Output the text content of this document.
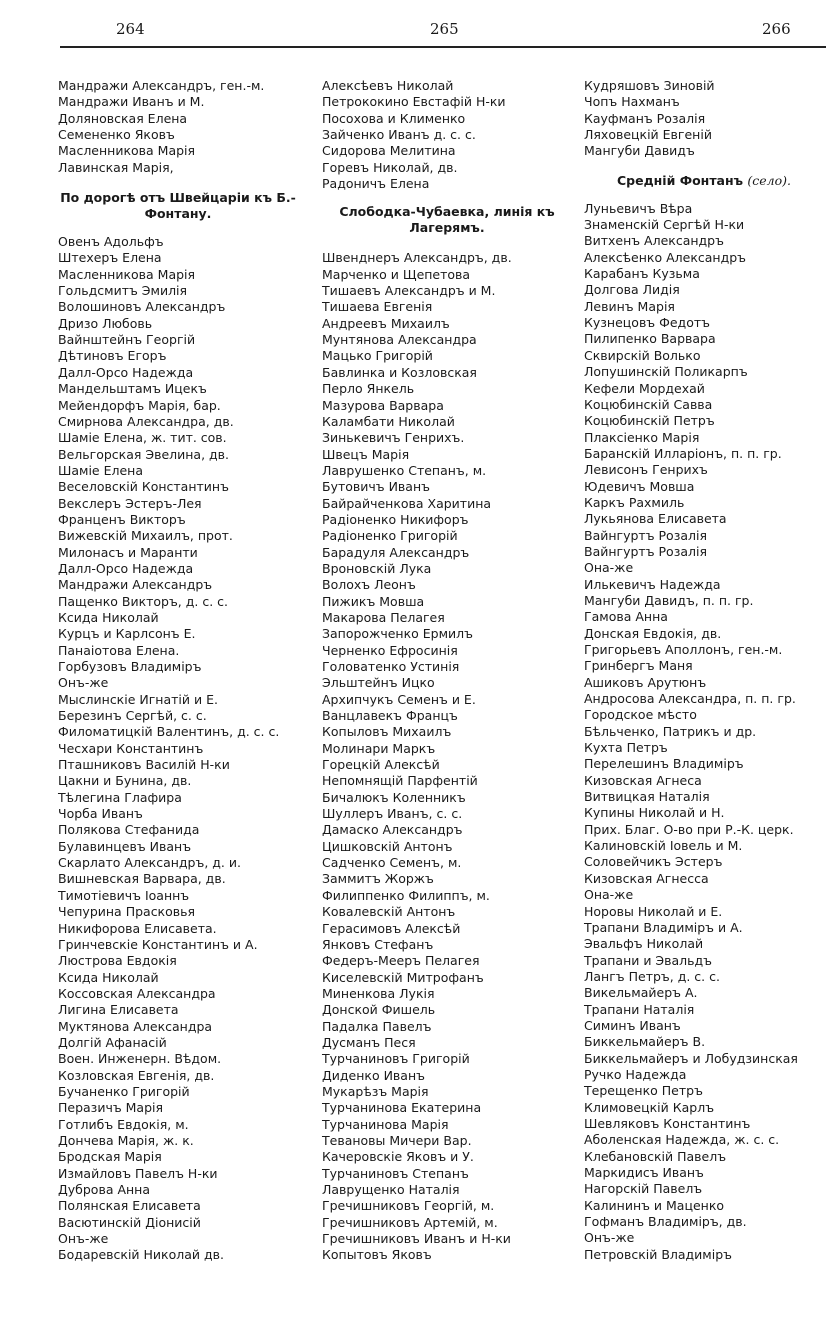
264	265	266
Мандражи Александръ, ген.-м.
Мандражи Иванъ и М.
Доляновская Елена
Семененко Яковъ
Масленникова Марія
Лавинская Марія,
По дорогѣ отъ Швейцаріи къ Б.-Фонтану.
Овенъ Адольфъ
Штехеръ Елена
Масленникова Марія
Гольдсмитъ Эмилія
Волошиновъ Александръ
Дризо Любовь
Вайнштейнъ Георгій
Дѣтиновъ Егоръ
Далл-Орсо Надежда
Мандельштамъ Ицекъ
Мейендорфъ Марія, бар.
Смирнова Александра, дв.
Шаміе Елена, ж. тит. сов.
Вельгорская Эвелина, дв.
Шаміе Елена
Веселовскій Константинъ
Векслеръ Эстеръ-Лея
Франценъ Викторъ
Вижевскій Михаилъ, прот.
Милонасъ и Маранти
Далл-Орсо Надежда
Мандражи Александръ
Пащенко Викторъ, д. с. с.
Ксида Николай
Курцъ и Карлсонъ Е.
Панаіотова Елена.
Горбузовъ Владиміръ
Онъ-же
Мыслинскіе Игнатій и Е.
Березинъ Сергѣй, с. с.
Филоматицкій Валентинъ, д. с. с.
Чесхари Константинъ
Пташниковъ Василій Н-ки
Цакни и Бунина, дв.
Тѣлегина Глафира
Чорба Иванъ
Полякова Стефанида
Булавинцевъ Иванъ
Скарлато Александръ, д. и.
Вишневская Варвара, дв.
Тимотіевичъ Іоаннъ
Чепурина Прасковья
Никифорова Елисавета.
Гринчевскіе Константинъ и А.
Люстрова Евдокія
Ксида Николай
Коссовская Александра
Лигина Елисавета
Муктянова Александра
Долгій Афанасій
Воен. Инженерн. Вѣдом.
Козловская Евгенія, дв.
Бучаненко Григорій
Перазичъ Марія
Готлибъ Евдокія, м.
Дончева Марія, ж. к.
Бродская Марія
Измайловъ Павелъ Н-ки
Дуброва Анна
Полянская Елисавета
Васютинскій Діонисій
Онъ-же
Бодаревскій Николай дв.
Алексѣевъ Николай
Петрококино Евстафій Н-ки
Посохова и Клименко
Зайченко Иванъ д. с. с.
Сидорова Мелитина
Горевъ Николай, дв.
Радоничъ Елена
Слободка-Чубаевка, линія къ Лагерямъ.
Швенднеръ Александръ, дв.
Марченко и Щепетова
Тишаевъ Александръ и М.
Тишаева Евгенія
Андреевъ Михаилъ
Мунтянова Александра
Мацько Григорій
Бавлинка и Козловская
Перло Янкель
Мазурова Варвара
Каламбати Николай
Зинькевичъ Генрихъ.
Швецъ Марія
Лаврушенко Степанъ, м.
Бутовичъ Иванъ
Байрайченкова Харитина
Радіоненко Никифоръ
Радіоненко Григорій
Барадуля Александръ
Вроновскій Лука
Волохъ Леонъ
Пижикъ Мовша
Макарова Пелагея
Запорожченко Ермилъ
Черненко Ефросинія
Головатенко Устинія
Эльштейнъ Ицко
Архипчукъ Семенъ и Е.
Ванцлавекъ Францъ
Копыловъ Михаилъ
Молинари Маркъ
Горецкій Алексѣй
Непомнящій Парфентій
Бичалюкъ Коленникъ
Шуллеръ Иванъ, с. с.
Дамаско Александръ
Цишковскій Антонъ
Садченко Семенъ, м.
Заммитъ Жоржъ
Филиппенко Филиппъ, м.
Ковалевскій Антонъ
Герасимовъ Алексѣй
Янковъ Стефанъ
Федеръ-Мееръ Пелагея
Киселевскій Митрофанъ
Миненкова Лукія
Донской Фишель
Падалка Павелъ
Дусманъ Песя
Турчаниновъ Григорій
Диденко Иванъ
Мукарѣзъ Марія
Турчанинова Екатерина
Турчанинова Марія
Тевановы Мичери Вар.
Качеровскіе Яковъ и У.
Турчаниновъ Степанъ
Лаврущенко Наталія
Гречишниковъ Георгій, м.
Гречишниковъ Артемій, м.
Гречишниковъ Иванъ и Н-ки
Копытовъ Яковъ
Кудряшовъ Зиновій
Чопъ Нахманъ
Кауфманъ Розалія
Ляховецкій Евгеній
Мангуби Давидъ
Средній Фонтанъ (село).
Луньевичъ Вѣра
Знаменскій Сергѣй Н-ки
Витхенъ Александръ
Алексѣенко Александръ
Карабанъ Кузьма
Долгова Лидія
Левинъ Марія
Кузнецовъ Федотъ
Пилипенко Варвара
Сквирскій Волько
Лопушинскій Поликарпъ
Кефели Мордехай
Коцюбинскій Савва
Коцюбинскій Петръ
Плаксіенко Марія
Баранскій Илларіонъ, п. п. гр.
Левисонъ Генрихъ
Юдевичъ Мовша
Каркъ Рахмиль
Лукьянова Елисавета
Вайнгуртъ Розалія
Вайнгуртъ Розалія
Она-же
Илькевичъ Надежда
Мангуби Давидъ, п. п. гр.
Гамова Анна
Донская Евдокія, дв.
Григорьевъ Аполлонъ, ген.-м.
Гринбергъ Маня
Ашиковъ Арутюнъ
Андросова Александра, п. п. гр.
Городское мѣсто
Бѣльченко, Патрикъ и др.
Кухта Петръ
Перелешинъ Владиміръ
Кизовская Агнеса
Витвицкая Наталія
Купины Николай и Н.
Прих. Благ. О-во при Р.-К. церк.
Калиновскій Іовель и М.
Соловейчикъ Эстеръ
Кизовская Агнесса
Она-же
Норовы Николай и Е.
Трапани Владиміръ и А.
Эвальфъ Николай
Трапани и Эвальдъ
Лангъ Петръ, д. с. с.
Викельмайеръ А.
Трапани Наталія
Симинъ Иванъ
Биккельмайеръ В.
Биккельмайеръ и Лобудзинская
Ручко Надежда
Терещенко Петръ
Климовецкій Карлъ
Шевляковъ Константинъ
Аболенская Надежда, ж. с. с.
Клебановскій Павелъ
Маркидисъ Иванъ
Нагорскій Павелъ
Калининъ и Маценко
Гофманъ Владиміръ, дв.
Онъ-же
Петровскій Владиміръ
